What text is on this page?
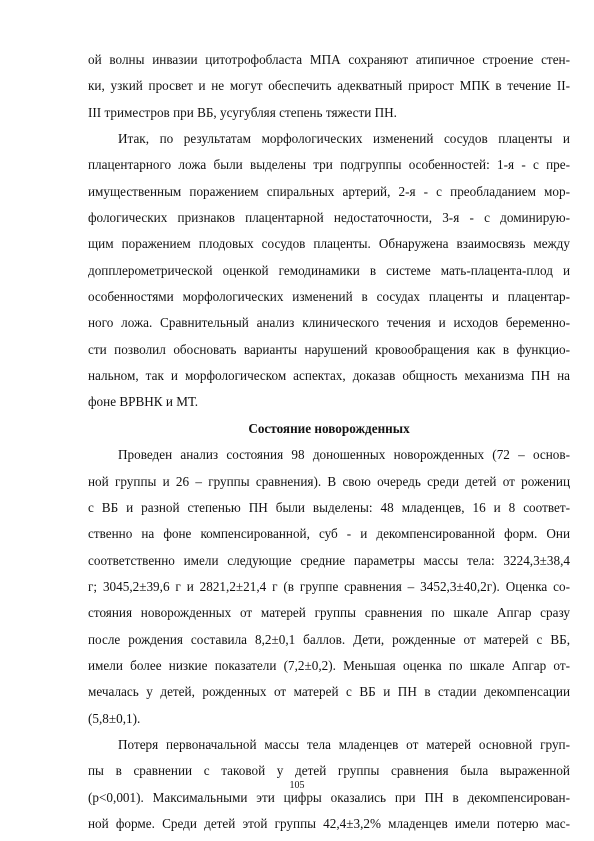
ой волны инвазии цитотрофобласта МПА сохраняют атипичное строение стен-
ки, узкий просвет и не могут обеспечить адекватный прирост МПК в течение II-
III триместров при ВБ, усугубляя степень тяжести ПН.
Итак, по результатам морфологических изменений сосудов плаценты и
плацентарного ложа были выделены три подгруппы особенностей: 1-я - с пре-
имущественным поражением спиральных артерий, 2-я - с преобладанием мор-
фологических признаков плацентарной недостаточности, 3-я - с доминирую-
щим поражением плодовых сосудов плаценты. Обнаружена взаимосвязь между
допплерометрической оценкой гемодинамики в системе мать-плацента-плод и
особенностями морфологических изменений в сосудах плаценты и плацентар-
ного ложа. Сравнительный анализ клинического течения и исходов беременно-
сти позволил обосновать варианты нарушений кровообращения как в функцио-
нальном, так и морфологическом аспектах, доказав общность механизма ПН на
фоне ВРВНК и МТ.
Состояние новорожденных
Проведен анализ состояния 98 доношенных новорожденных (72 – основ-
ной группы и 26 – группы сравнения). В свою очередь среди детей от рожениц
с ВБ и разной степенью ПН были выделены: 48 младенцев, 16 и 8 соответ-
ственно на фоне компенсированной, суб - и декомпенсированной форм. Они
соответственно имели следующие средние параметры массы тела: 3224,3±38,4
г; 3045,2±39,6 г и 2821,2±21,4 г (в группе сравнения – 3452,3±40,2г). Оценка со-
стояния новорожденных от матерей группы сравнения по шкале Апгар сразу
после рождения составила 8,2±0,1 баллов. Дети, рожденные от матерей с ВБ,
имели более низкие показатели (7,2±0,2). Меньшая оценка по шкале Апгар от-
мечалась у детей, рожденных от матерей с ВБ и ПН в стадии декомпенсации
(5,8±0,1).
Потеря первоначальной массы тела младенцев от матерей основной груп-
пы в сравнении с таковой у детей группы сравнения была выраженной
(р<0,001). Максимальными эти цифры оказались при ПН в декомпенсирован-
ной форме. Среди детей этой группы 42,4±3,2% младенцев имели потерю мас-
105
